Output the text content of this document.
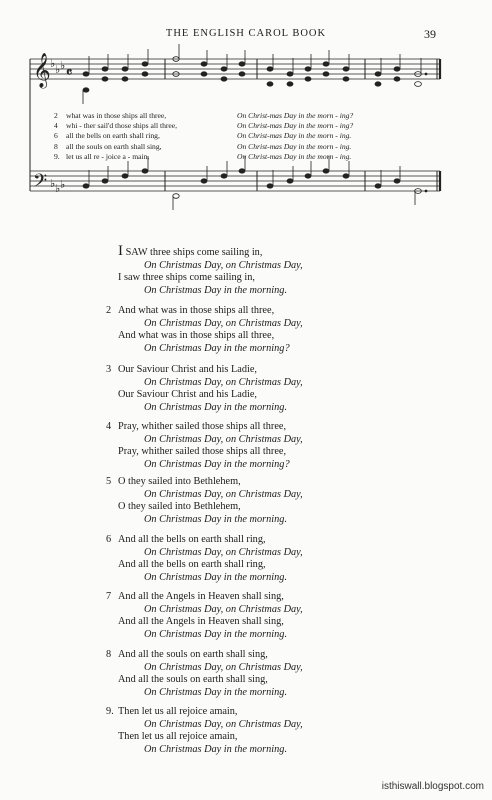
THE ENGLISH CAROL BOOK	39
𝄞
𝄢
♭ ♭ ♭
♭ ♭ ♭
𝄴
2 what was in those ships all three,	On Christ-mas Day in the morn - ing?
4 whi - ther sail'd those ships all three,	On Christ-mas Day in the morn - ing?
6 all the bells on earth shall ring,	On Christ-mas Day in the morn - ing.
8 all the souls on earth shall sing,	On Christ-mas Day in the morn - ing.
9. let us all re - joice a - main,	On Christ-mas Day in the morn - ing.
I SAW three ships come sailing in,
On Christmas Day, on Christmas Day,
I saw three ships come sailing in,
On Christmas Day in the morning.
2 And what was in those ships all three,
On Christmas Day, on Christmas Day,
And what was in those ships all three,
On Christmas Day in the morning?
3 Our Saviour Christ and his Ladie,
On Christmas Day, on Christmas Day,
Our Saviour Christ and his Ladie,
On Christmas Day in the morning.
4 Pray, whither sailed those ships all three,
On Christmas Day, on Christmas Day,
Pray, whither sailed those ships all three,
On Christmas Day in the morning?
5 O they sailed into Bethlehem,
On Christmas Day, on Christmas Day,
O they sailed into Bethlehem,
On Christmas Day in the morning.
6 And all the bells on earth shall ring,
On Christmas Day, on Christmas Day,
And all the bells on earth shall ring,
On Christmas Day in the morning.
7 And all the Angels in Heaven shall sing,
On Christmas Day, on Christmas Day,
And all the Angels in Heaven shall sing,
On Christmas Day in the morning.
8 And all the souls on earth shall sing,
On Christmas Day, on Christmas Day,
And all the souls on earth shall sing,
On Christmas Day in the morning.
9. Then let us all rejoice amain,
On Christmas Day, on Christmas Day,
Then let us all rejoice amain,
On Christmas Day in the morning.
isthiswall.blogspot.com
